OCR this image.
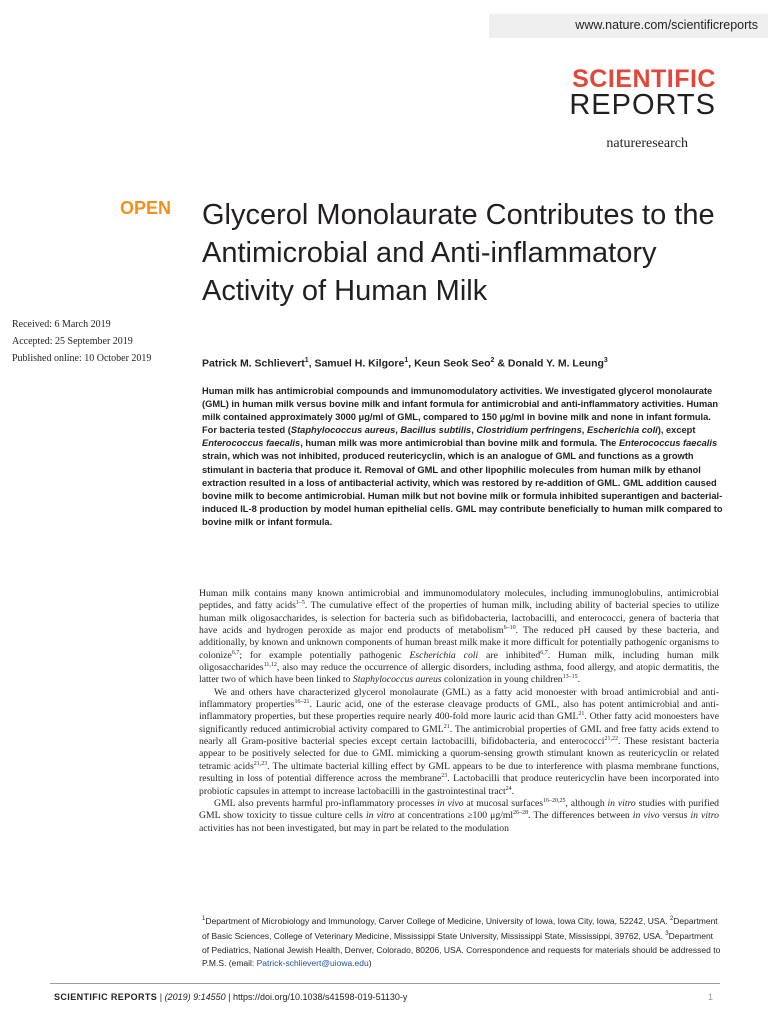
www.nature.com/scientificreports
SCIENTIFIC
REPORTS
natureresearch
OPEN Glycerol Monolaurate Contributes to the Antimicrobial and Anti-inflammatory Activity of Human Milk
Received: 6 March 2019
Accepted: 25 September 2019
Published online: 10 October 2019	Patrick M. Schlievert$^1$, Samuel H. Kilgore$^1$, Keun Seok Seo$^2$ & Donald Y. M. Leung$^3$
Human milk has antimicrobial compounds and immunomodulatory activities. We investigated glycerol monolaurate (GML) in human milk versus bovine milk and infant formula for antimicrobial and anti-inflammatory activities. Human milk contained approximately 3000 μg/ml of GML, compared to 150 μg/ml in bovine milk and none in infant formula. For bacteria tested (Staphylococcus aureus, Bacillus subtilis, Clostridium perfringens, Escherichia coli), except Enterococcus faecalis, human milk was more antimicrobial than bovine milk and formula. The Enterococcus faecalis strain, which was not inhibited, produced reutericyclin, which is an analogue of GML and functions as a growth stimulant in bacteria that produce it. Removal of GML and other lipophilic molecules from human milk by ethanol extraction resulted in a loss of antibacterial activity, which was restored by re-addition of GML. GML addition caused bovine milk to become antimicrobial. Human milk but not bovine milk or formula inhibited superantigen and bacterial-induced IL-8 production by model human epithelial cells. GML may contribute beneficially to human milk compared to bovine milk or infant formula.

Human milk contains many known antimicrobial and immunomodulatory molecules, including immunoglobulins, antimicrobial peptides, and fatty acids$^{1-5}$. The cumulative effect of the properties of human milk, including ability of bacterial species to utilize human milk oligosaccharides, is selection for bacteria such as bifidobacteria, lactobacilli, and enterococci, genera of bacteria that have acids and hydrogen peroxide as major end products of metabolism$^{6-10}$. The reduced pH caused by these bacteria, and additionally, by known and unknown components of human breast milk make it more difficult for potentially pathogenic organisms to colonize$^{6,7}$; for example potentially pathogenic Escherichia coli are inhibited$^{6,7}$. Human milk, including human milk oligosaccharides$^{11,12}$, also may reduce the occurrence of allergic disorders, including asthma, food allergy, and atopic dermatitis, the latter two of which have been linked to Staphylococcus aureus colonization in young children$^{13-15}$.

We and others have characterized glycerol monolaurate (GML) as a fatty acid monoester with broad antimicrobial and anti-inflammatory properties$^{16-21}$. Lauric acid, one of the esterase cleavage products of GML, also has potent antimicrobial and anti-inflammatory properties, but these properties require nearly 400-fold more lauric acid than GML$^{21}$. Other fatty acid monoesters have significantly reduced antimicrobial activity compared to GML$^{21}$. The antimicrobial properties of GML and free fatty acids extend to nearly all Gram-positive bacterial species except certain lactobacilli, bifidobacteria, and enterococci$^{21,22}$. These resistant bacteria appear to be positively selected for due to GML mimicking a quorum-sensing growth stimulant known as reutericyclin or related tetramic acids$^{21,23}$. The ultimate bacterial killing effect by GML appears to be due to interference with plasma membrane functions, resulting in loss of potential difference across the membrane$^{23}$. Lactobacilli that produce reutericyclin have been incorporated into probiotic capsules in attempt to increase lactobacilli in the gastrointestinal tract$^{24}$.

GML also prevents harmful pro-inflammatory processes in vivo at mucosal surfaces$^{16-20,25}$, although in vitro studies with purified GML show toxicity to tissue culture cells in vitro at concentrations ≥100 $\mu g/ml^{26-28}$. The differences between in vivo versus in vitro activities has not been investigated, but may in part be related to the modulation

$^1$Department of Microbiology and Immunology, Carver College of Medicine, University of Iowa, Iowa City, Iowa, 52242, USA. $^2$Department of Basic Sciences, College of Veterinary Medicine, Mississippi State University, Mississippi State, Mississippi, 39762, USA. $^3$Department of Pediatrics, National Jewish Health, Denver, Colorado, 80206, USA. Correspondence and requests for materials should be addressed to P.M.S. (email: Patrick-schlievert@uiowa.edu)
SCIENTIFIC REPORTS | (2019) 9:14550 | https://doi.org/10.1038/s41598-019-51130-y	1
